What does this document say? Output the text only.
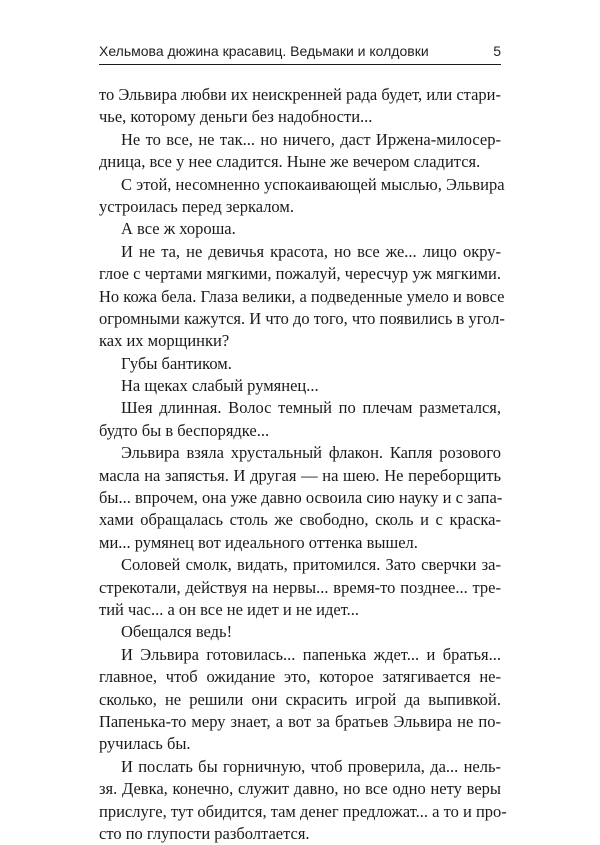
Хельмова дюжина красавиц. Ведьмаки и колдовки	5
то Эльвира любви их неискренней рада будет, или стари-
чье, которому деньги без надобности...
Не то все, не так... но ничего, даст Иржена-милосер-
дница, все у нее сладится. Ныне же вечером сладится.
С этой, несомненно успокаивающей мыслью, Эльвира
устроилась перед зеркалом.
А все ж хороша.
И не та, не девичья красота, но все же... лицо окру-
глое с чертами мягкими, пожалуй, чересчур уж мягкими.
Но кожа бела. Глаза велики, а подведенные умело и вовсе
огромными кажутся. И что до того, что появились в угол-
ках их морщинки?
Губы бантиком.
На щеках слабый румянец...
Шея длинная. Волос темный по плечам разметался,
будто бы в беспорядке...
Эльвира взяла хрустальный флакон. Капля розового
масла на запястья. И другая — на шею. Не переборщить
бы... впрочем, она уже давно освоила сию науку и с запа-
хами обращалась столь же свободно, сколь и с краска-
ми... румянец вот идеального оттенка вышел.
Соловей смолк, видать, притомился. Зато сверчки за-
стрекотали, действуя на нервы... время-то позднее... тре-
тий час... а он все не идет и не идет...
Обещался ведь!
И Эльвира готовилась... папенька ждет... и братья...
главное, чтоб ожидание это, которое затягивается не-
сколько, не решили они скрасить игрой да выпивкой.
Папенька-то меру знает, а вот за братьев Эльвира не по-
ручилась бы.
И послать бы горничную, чтоб проверила, да... нель-
зя. Девка, конечно, служит давно, но все одно нету веры
прислуге, тут обидится, там денег предложат... а то и про-
сто по глупости разболтается.
